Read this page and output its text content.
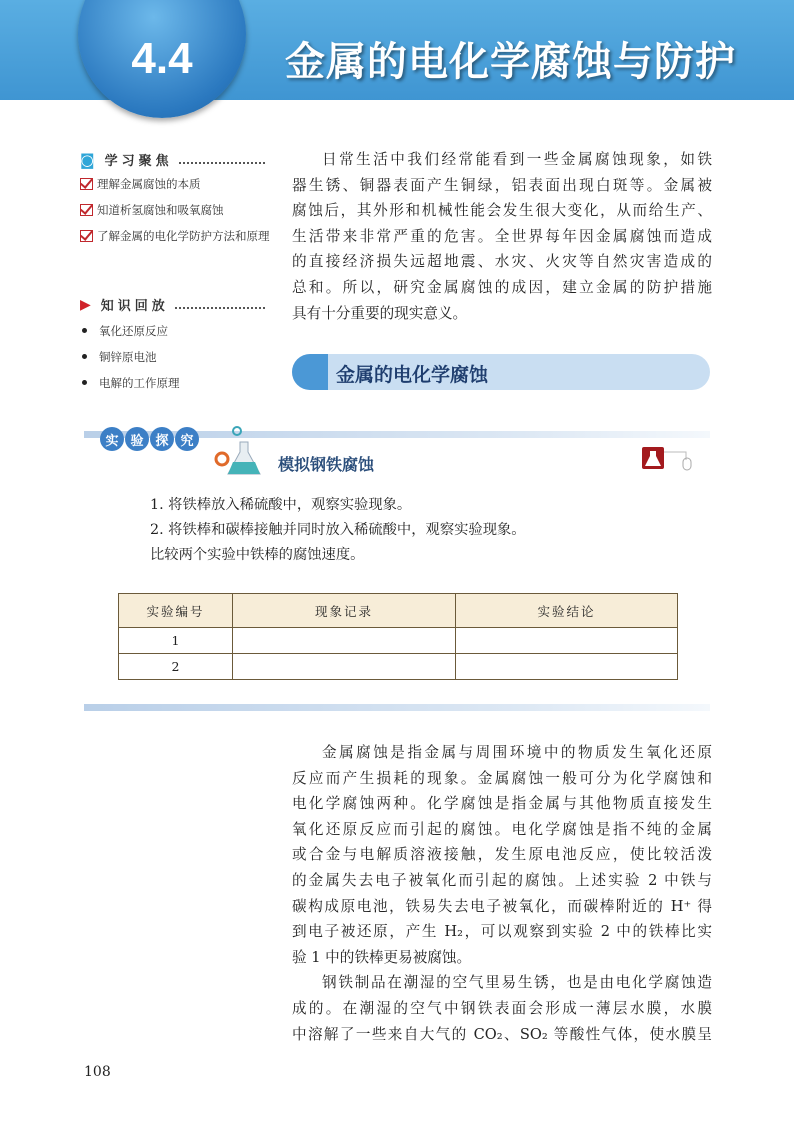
4.4 金属的电化学腐蚀与防护
◙ 学习聚焦
理解金属腐蚀的本质
知道析氢腐蚀和吸氧腐蚀
了解金属的电化学防护方法和原理
▶ 知识回放
氧化还原反应
铜锌原电池
电解的工作原理
日常生活中我们经常能看到一些金属腐蚀现象，如铁
器生锈、铜器表面产生铜绿，铝表面出现白斑等。金属被
腐蚀后，其外形和机械性能会发生很大变化，从而给生产、
生活带来非常严重的危害。全世界每年因金属腐蚀而造成
的直接经济损失远超地震、水灾、火灾等自然灾害造成的
总和。所以，研究金属腐蚀的成因，建立金属的防护措施
具有十分重要的现实意义。
金属的电化学腐蚀
实 验 探 究
模拟钢铁腐蚀
1. 将铁棒放入稀硫酸中，观察实验现象。
2. 将铁棒和碳棒接触并同时放入稀硫酸中，观察实验现象。
比较两个实验中铁棒的腐蚀速度。
实验编号	现象记录	实验结论
1		
2		
金属腐蚀是指金属与周围环境中的物质发生氧化还原
反应而产生损耗的现象。金属腐蚀一般可分为化学腐蚀和
电化学腐蚀两种。化学腐蚀是指金属与其他物质直接发生
氧化还原反应而引起的腐蚀。电化学腐蚀是指不纯的金属
或合金与电解质溶液接触，发生原电池反应，使比较活泼
的金属失去电子被氧化而引起的腐蚀。上述实验 2 中铁与
碳构成原电池，铁易失去电子被氧化，而碳棒附近的 H⁺ 得
到电子被还原，产生 H₂，可以观察到实验 2 中的铁棒比实
验 1 中的铁棒更易被腐蚀。
钢铁制品在潮湿的空气里易生锈，也是由电化学腐蚀造
成的。在潮湿的空气中钢铁表面会形成一薄层水膜，水膜
中溶解了一些来自大气的 CO₂、SO₂ 等酸性气体，使水膜呈
108
